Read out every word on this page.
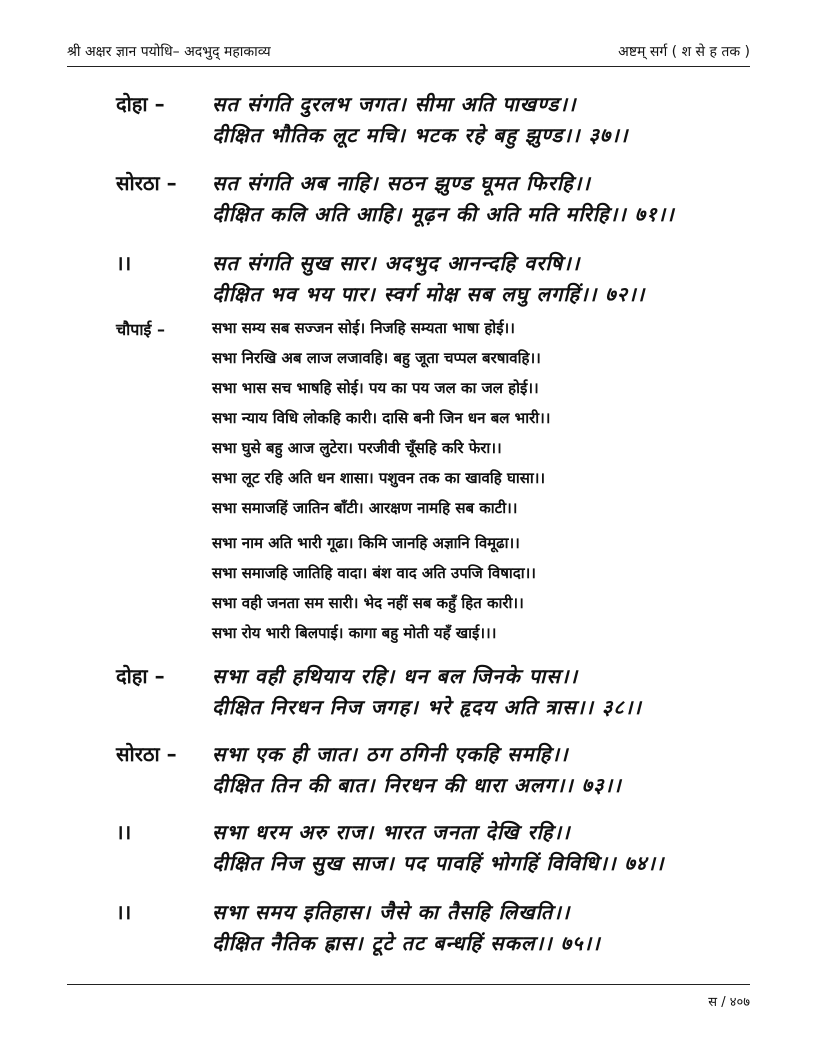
श्री अक्षर ज्ञान पयोधि– अदभुद् महाकाव्य	अष्टम् सर्ग ( श से ह तक )
दोहा – सत संगति दुरलभ जगत। सीमा अति पाखण्ड।।
दीक्षित भौतिक लूट मचि। भटक रहे बहु झुण्ड।। ३७।।
सोरठा – सत संगति अब नाहि। सठन झुण्ड घूमत फिरहि।।
दीक्षित कलि अति आहि। मूढ़न की अति मति मरिहि।। ७१।।
।।	सत संगति सुख सार। अदभुद आनन्दहि वरषि।।
दीक्षित भव भय पार। स्वर्ग मोक्ष सब लघु लगहिं।। ७२।।
चौपाई –	सभा सम्य सब सज्जन सोई। निजहि सम्यता भाषा होई।।
सभा निरखि अब लाज लजावहि। बहु जूता चप्पल बरषावहि।।
सभा भास सच भाषहि सोई। पय का पय जल का जल होई।।
सभा न्याय विधि लोकहि कारी। दासि बनी जिन धन बल भारी।।
सभा घुसे बहु आज लुटेरा। परजीवी चूँसहि करि फेरा।।
सभा लूट रहि अति धन शासा। पशुवन तक का खावहि घासा।।
सभा समाजहिं जातिन बाँटी। आरक्षण नामहि सब काटी।।
सभा नाम अति भारी गूढा। किमि जानहि अज्ञानि विमूढा।।
सभा समाजहि जातिहि वादा। बंश वाद अति उपजि विषादा।।
सभा वही जनता सम सारी। भेद नहीं सब कहुँ हित कारी।।
सभा रोय भारी बिलपाई। कागा बहु मोती यहँ खाई।।।
दोहा – सभा वही हथियाय रहि। धन बल जिनके पास।।
दीक्षित निरधन निज जगह। भरे हृदय अति त्रास।। ३८।।
सोरठा – सभा एक ही जात। ठग ठगिनी एकहि समहि।।
दीक्षित तिन की बात। निरधन की धारा अलग।। ७३।।
।।	सभा धरम अरु राज। भारत जनता देखि रहि।।
दीक्षित निज सुख साज। पद पावहिं भोगहिं विविधि।। ७४।।
।।	सभा समय इतिहास। जैसे का तैसहि लिखति।।
दीक्षित नैतिक ह्रास। टूटे तट बन्धहिं सकल।। ७५।।
स / ४०७
